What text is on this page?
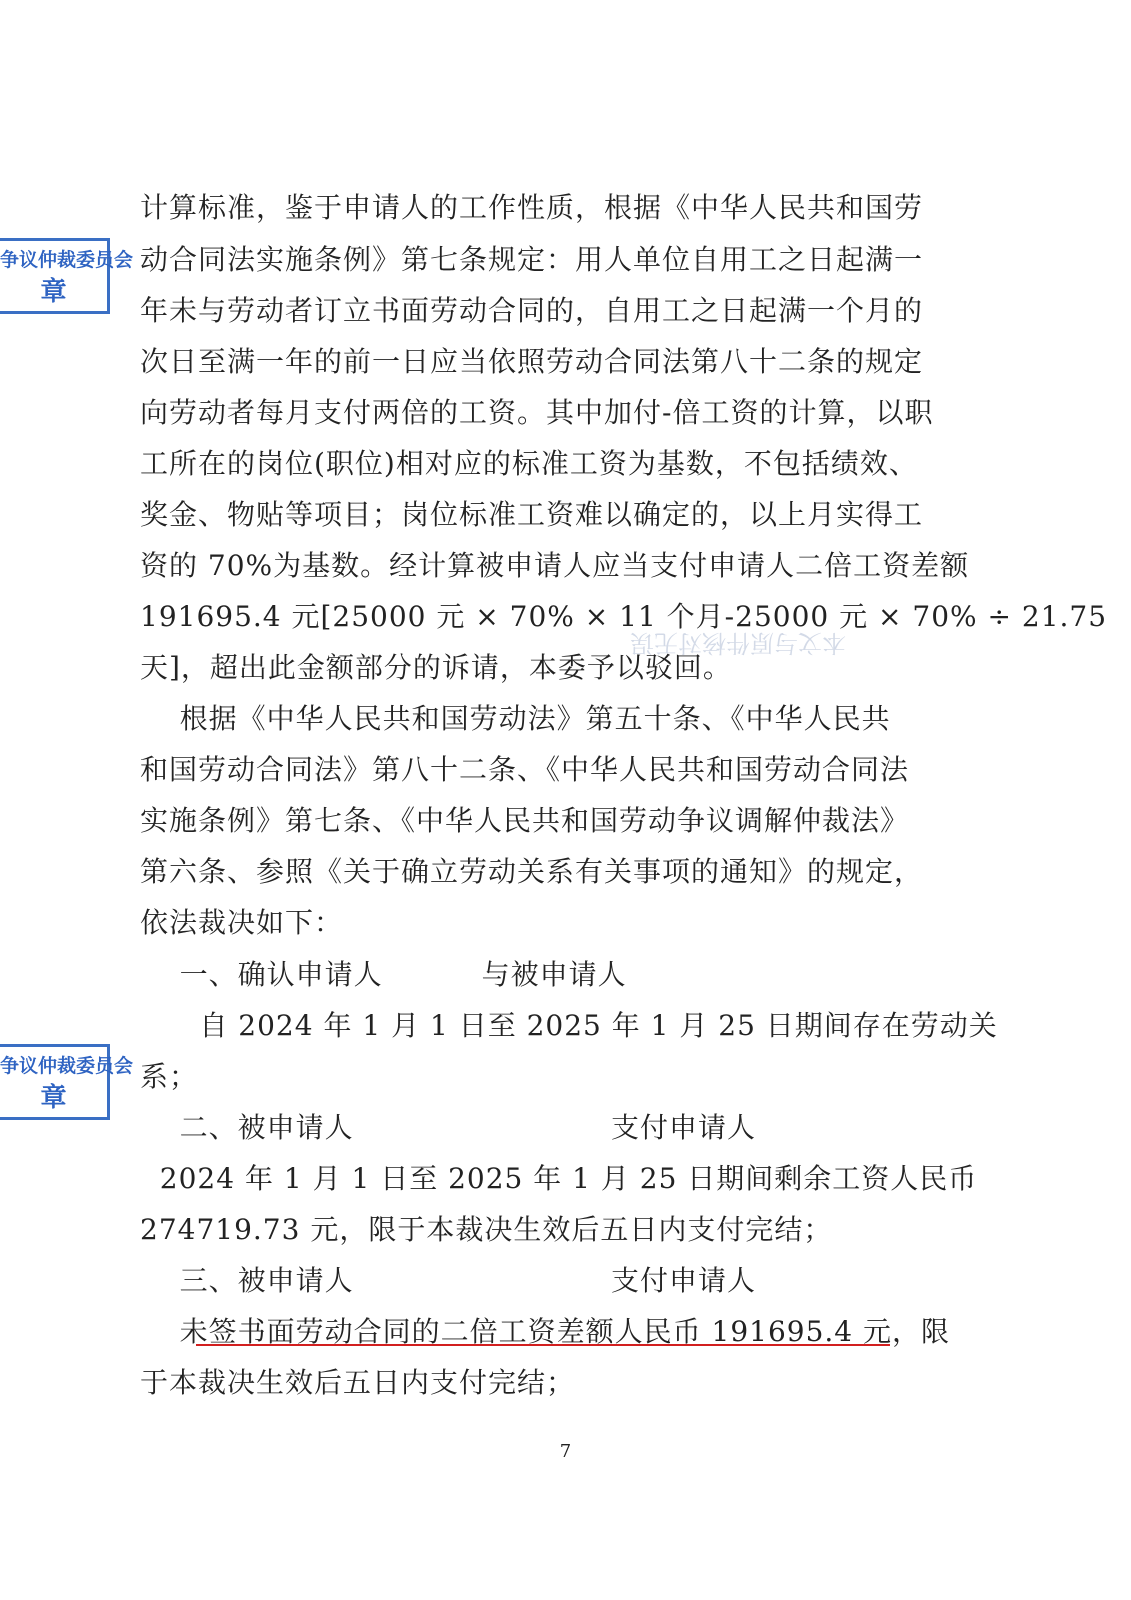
争议仲裁委员会
章
争议仲裁委员会
章
本文与原件核对无误
计算标准，鉴于申请人的工作性质，根据《中华人民共和国劳
动合同法实施条例》第七条规定：用人单位自用工之日起满一
年未与劳动者订立书面劳动合同的，自用工之日起满一个月的
次日至满一年的前一日应当依照劳动合同法第八十二条的规定
向劳动者每月支付两倍的工资。其中加付-倍工资的计算，以职
工所在的岗位(职位)相对应的标准工资为基数，不包括绩效、
奖金、物贴等项目；岗位标准工资难以确定的，以上月实得工
资的 70%为基数。经计算被申请人应当支付申请人二倍工资差额
191695.4 元[25000 元 × 70% × 11 个月-25000 元 × 70% ÷ 21.75
天]，超出此金额部分的诉请，本委予以驳回。
根据《中华人民共和国劳动法》第五十条、《中华人民共
和国劳动合同法》第八十二条、《中华人民共和国劳动合同法
实施条例》第七条、《中华人民共和国劳动争议调解仲裁法》
第六条、参照《关于确立劳动关系有关事项的通知》的规定，
依法裁决如下：
一、确认申请人          与被申请人
自 2024 年 1 月 1 日至 2025 年 1 月 25 日期间存在劳动关
系；
二、被申请人                          支付申请人
2024 年 1 月 1 日至 2025 年 1 月 25 日期间剩余工资人民币
274719.73 元，限于本裁决生效后五日内支付完结；
三、被申请人                          支付申请人
未签书面劳动合同的二倍工资差额人民币 191695.4 元，限
于本裁决生效后五日内支付完结；
7
